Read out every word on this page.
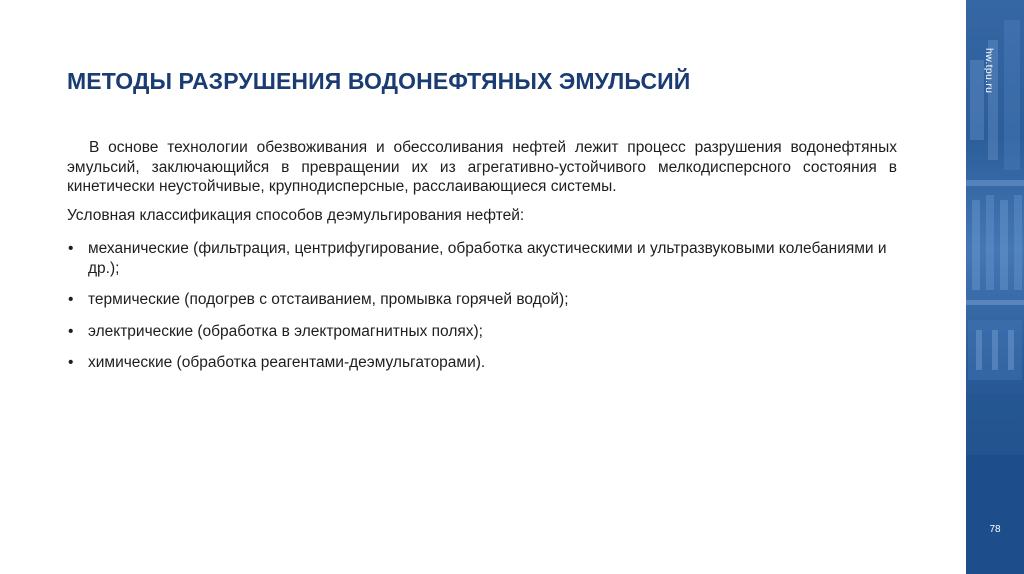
МЕТОДЫ РАЗРУШЕНИЯ ВОДОНЕФТЯНЫХ ЭМУЛЬСИЙ

В основе технологии обезвоживания и обессоливания нефтей лежит процесс разрушения водонефтяных эмульсий, заключающийся в превращении их из агрегативно-устойчивого мелкодисперсного состояния в кинетически неустойчивые, крупнодисперсные, расслаивающиеся системы.

Условная классификация способов деэмульгирования нефтей:

• механические (фильтрация, центрифугирование, обработка акустическими и ультразвуковыми колебаниями и др.);
• термические (подогрев с отстаиванием, промывка горячей водой);
• электрические (обработка в электромагнитных полях);
• химические (обработка реагентами-деэмульгаторами).
hw.tpu.ru
78
